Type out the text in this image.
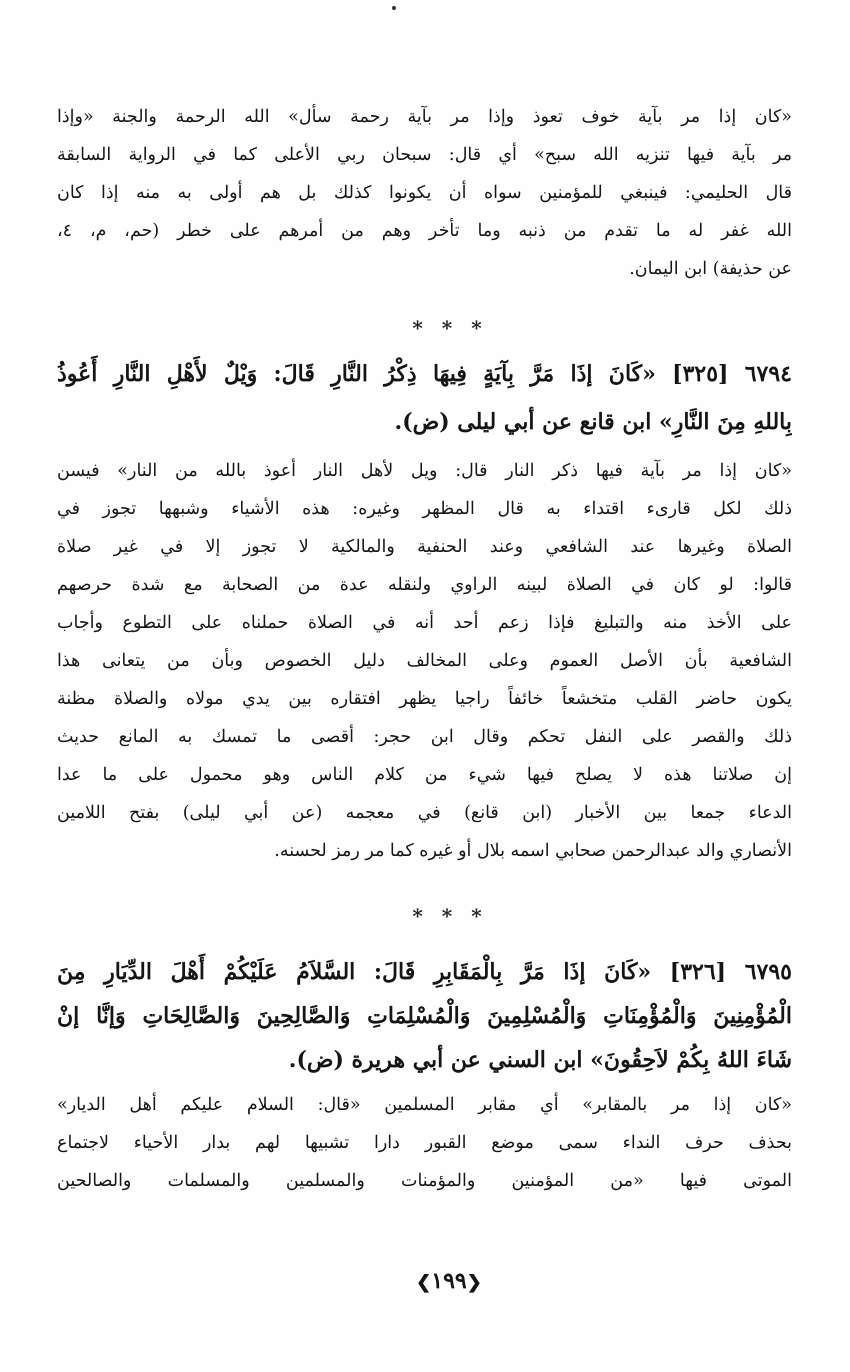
«كان إذا مر بآية خوف تعوذ وإذا مر بآية رحمة سأل» الله الرحمة والجنة «وإذا
مر بآية فيها تنزيه الله سبح» أي قال: سبحان ربي الأعلى كما في الرواية السابقة
قال الحليمي: فينبغي للمؤمنين سواه أن يكونوا كذلك بل هم أولى به منه إذا كان
الله غفر له ما تقدم من ذنبه وما تأخر وهم من أمرهم على خطر (حم، م، ٤،
عن حذيفة) ابن اليمان.
* * *
٦٧٩٤ [٣٢٥] «كَانَ إذَا مَرَّ بِآيَةٍ فِيهَا ذِكْرُ النَّارِ قَالَ: وَيْلٌ لأَهْلِ النَّارِ أَعُوذُ
بِاللهِ مِنَ النَّارِ» ابن قانع عن أبي ليلى (ض).
«كان إذا مر بآية فيها ذكر النار قال: ويل لأهل النار أعوذ بالله من النار» فيسن
ذلك لكل قارىء اقتداء به قال المظهر وغيره: هذه الأشياء وشبهها تجوز في
الصلاة وغيرها عند الشافعي وعند الحنفية والمالكية لا تجوز إلا في غير صلاة
قالوا: لو كان في الصلاة لبينه الراوي ولنقله عدة من الصحابة مع شدة حرصهم
على الأخذ منه والتبليغ فإذا زعم أحد أنه في الصلاة حملناه على التطوع وأجاب
الشافعية بأن الأصل العموم وعلى المخالف دليل الخصوص وبأن من يتعانى هذا
يكون حاضر القلب متخشعاً خائفاً راجيا يظهر افتقاره بين يدي مولاه والصلاة مظنة
ذلك والقصر على النفل تحكم وقال ابن حجر: أقصى ما تمسك به المانع حديث
إن صلاتنا هذه لا يصلح فيها شيء من كلام الناس وهو محمول على ما عدا
الدعاء جمعا بين الأخبار (ابن قانع) في معجمه (عن أبي ليلى) بفتح اللامين
الأنصاري والد عبدالرحمن صحابي اسمه بلال أو غيره كما مر رمز لحسنه.
* * *
٦٧٩٥ [٣٢٦] «كَانَ إذَا مَرَّ بِالْمَقَابِرِ قَالَ: السَّلاَمُ عَلَيْكُمْ أَهْلَ الدِّيَارِ مِنَ
الْمُؤْمِنِينَ وَالْمُؤْمِنَاتِ وَالْمُسْلِمِينَ وَالْمُسْلِمَاتِ وَالصَّالِحِينَ وَالصَّالِحَاتِ وَإنَّا إنْ
شَاءَ اللهُ بِكُمْ لاَحِقُونَ» ابن السني عن أبي هريرة (ض).
«كان إذا مر بالمقابر» أي مقابر المسلمين «قال: السلام عليكم أهل الديار»
بحذف حرف النداء سمى موضع القبور دارا تشبيها لهم بدار الأحياء لاجتماع
الموتى فيها «من المؤمنين والمؤمنات والمسلمين والمسلمات والصالحين
❮١٩٩❯
